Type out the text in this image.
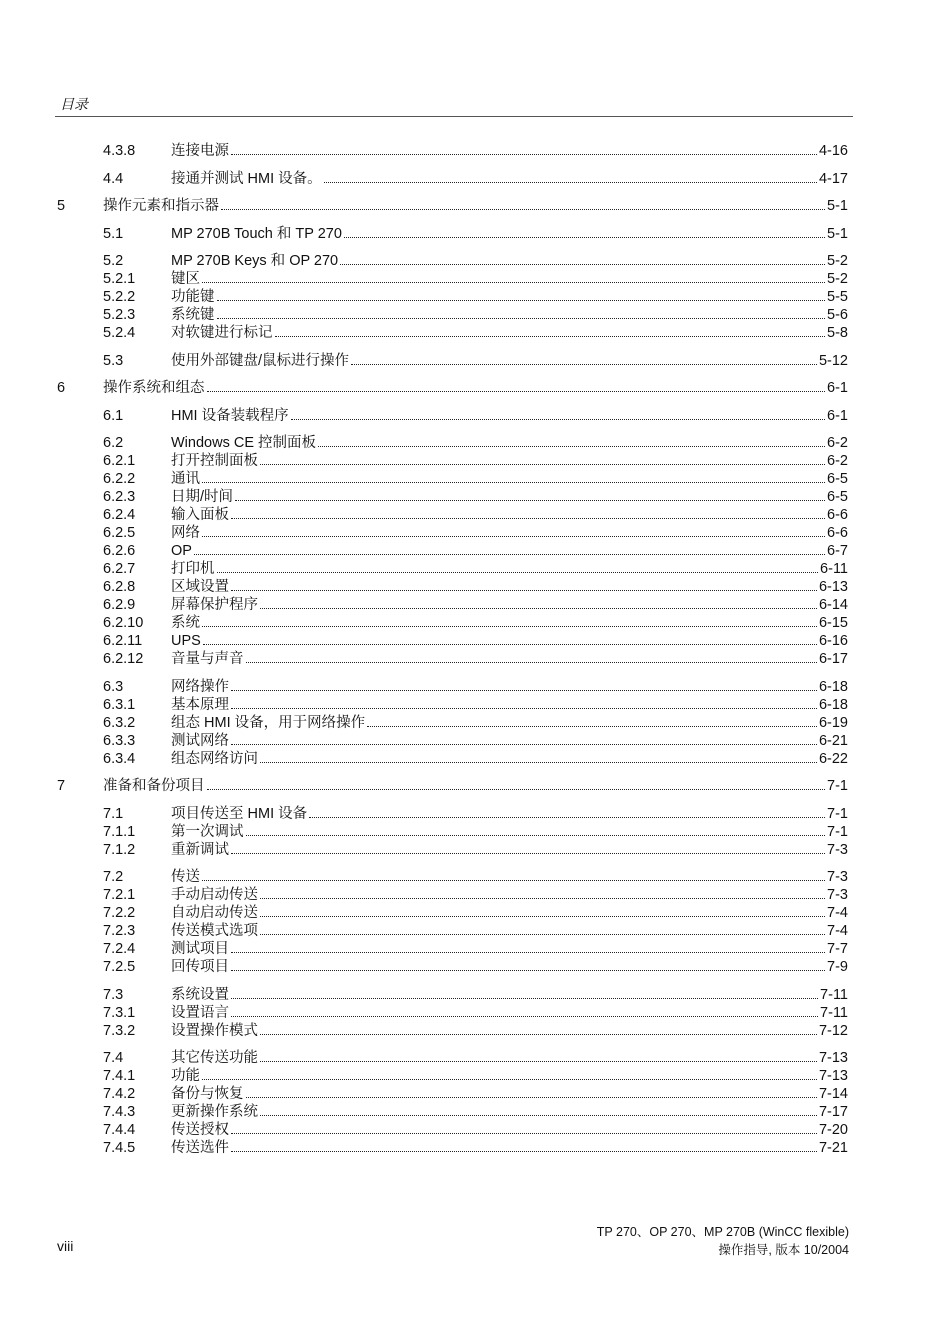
目录
4.3.8 连接电源	4-16
4.4	接通并测试 HMI 设备。	4-17
5	操作元素和指示器	5-1
5.1	MP 270B Touch 和 TP 270	5-1
5.2	MP 270B Keys 和 OP 270	5-2
5.2.1 键区	5-2
5.2.2 功能键	5-5
5.2.3 系统键	5-6
5.2.4 对软键进行标记	5-8
5.3	使用外部键盘/鼠标进行操作	5-12
6	操作系统和组态	6-1
6.1	HMI 设备装载程序	6-1
6.2	Windows CE 控制面板	6-2
6.2.1 打开控制面板	6-2
6.2.2 通讯	6-5
6.2.3 日期/时间	6-5
6.2.4 输入面板	6-6
6.2.5 网络	6-6
6.2.6 OP	6-7
6.2.7 打印机	6-11
6.2.8 区域设置	6-13
6.2.9 屏幕保护程序	6-14
6.2.10 系统	6-15
6.2.11 UPS	6-16
6.2.12 音量与声音	6-17
6.3	网络操作	6-18
6.3.1 基本原理	6-18
6.3.2 组态 HMI 设备，用于网络操作	6-19
6.3.3 测试网络	6-21
6.3.4 组态网络访问	6-22
7	准备和备份项目	7-1
7.1	项目传送至 HMI 设备	7-1
7.1.1 第一次调试	7-1
7.1.2 重新调试	7-3
7.2	传送	7-3
7.2.1 手动启动传送	7-3
7.2.2 自动启动传送	7-4
7.2.3 传送模式选项	7-4
7.2.4 测试项目	7-7
7.2.5 回传项目	7-9
7.3	系统设置	7-11
7.3.1 设置语言	7-11
7.3.2 设置操作模式	7-12
7.4	其它传送功能	7-13
7.4.1 功能	7-13
7.4.2 备份与恢复	7-14
7.4.3 更新操作系统	7-17
7.4.4 传送授权	7-20
7.4.5 传送选件	7-21
viii
TP 270、OP 270、MP 270B (WinCC flexible)
操作指导, 版本 10/2004
